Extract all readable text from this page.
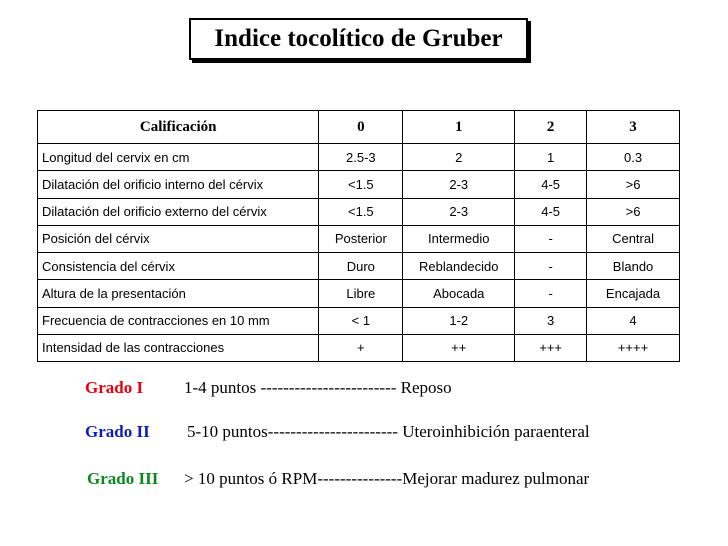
Indice tocolítico de Gruber
Calificación	0	1	2	3
Longitud del cervix en cm	2.5-3	2	1	0.3
Dilatación del orificio interno del cérvix	<1.5	2-3	4-5	>6
Dilatación del orificio externo del cérvix	<1.5	2-3	4-5	>6
Posición del cérvix	Posterior	Intermedio	-	Central
Consistencia del cérvix	Duro	Reblandecido	-	Blando
Altura de la presentación	Libre	Abocada	-	Encajada
Frecuencia de contracciones en 10 mm	< 1	1-2	3	4
Intensidad de las contracciones	+	++	+++	++++
Grado I 1-4 puntos ------------------------ Reposo
Grado II 5-10 puntos----------------------- Uteroinhibición paraenteral
Grado III > 10 puntos ó RPM---------------Mejorar madurez pulmonar
